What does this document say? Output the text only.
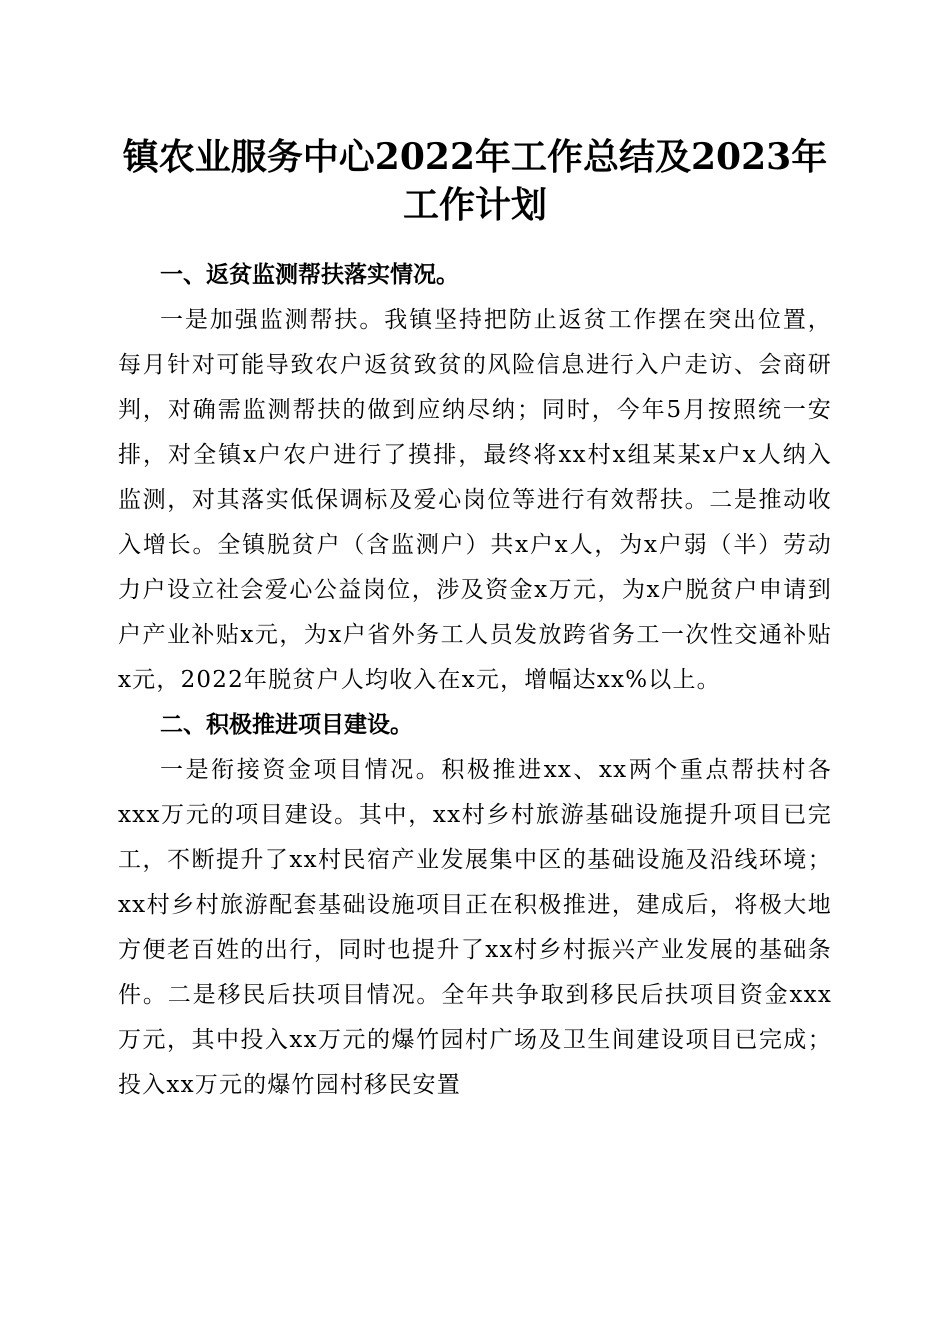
镇农业服务中心2022年工作总结及2023年工作计划

一、返贫监测帮扶落实情况。

一是加强监测帮扶。我镇坚持把防止返贫工作摆在突出位置，每月针对可能导致农户返贫致贫的风险信息进行入户走访、会商研判，对确需监测帮扶的做到应纳尽纳；同时，今年5月按照统一安排，对全镇x户农户进行了摸排，最终将xx村x组某某x户x人纳入监测，对其落实低保调标及爱心岗位等进行有效帮扶。二是推动收入增长。全镇脱贫户（含监测户）共x户x人，为x户弱（半）劳动力户设立社会爱心公益岗位，涉及资金x万元，为x户脱贫户申请到户产业补贴x元，为x户省外务工人员发放跨省务工一次性交通补贴x元，2022年脱贫户人均收入在x元，增幅达xx%以上。

二、积极推进项目建设。

一是衔接资金项目情况。积极推进xx、xx两个重点帮扶村各xxx万元的项目建设。其中，xx村乡村旅游基础设施提升项目已完工，不断提升了xx村民宿产业发展集中区的基础设施及沿线环境；xx村乡村旅游配套基础设施项目正在积极推进，建成后，将极大地方便老百姓的出行，同时也提升了xx村乡村振兴产业发展的基础条件。二是移民后扶项目情况。全年共争取到移民后扶项目资金xxx万元，其中投入xx万元的爆竹园村广场及卫生间建设项目已完成；投入xx万元的爆竹园村移民安置
